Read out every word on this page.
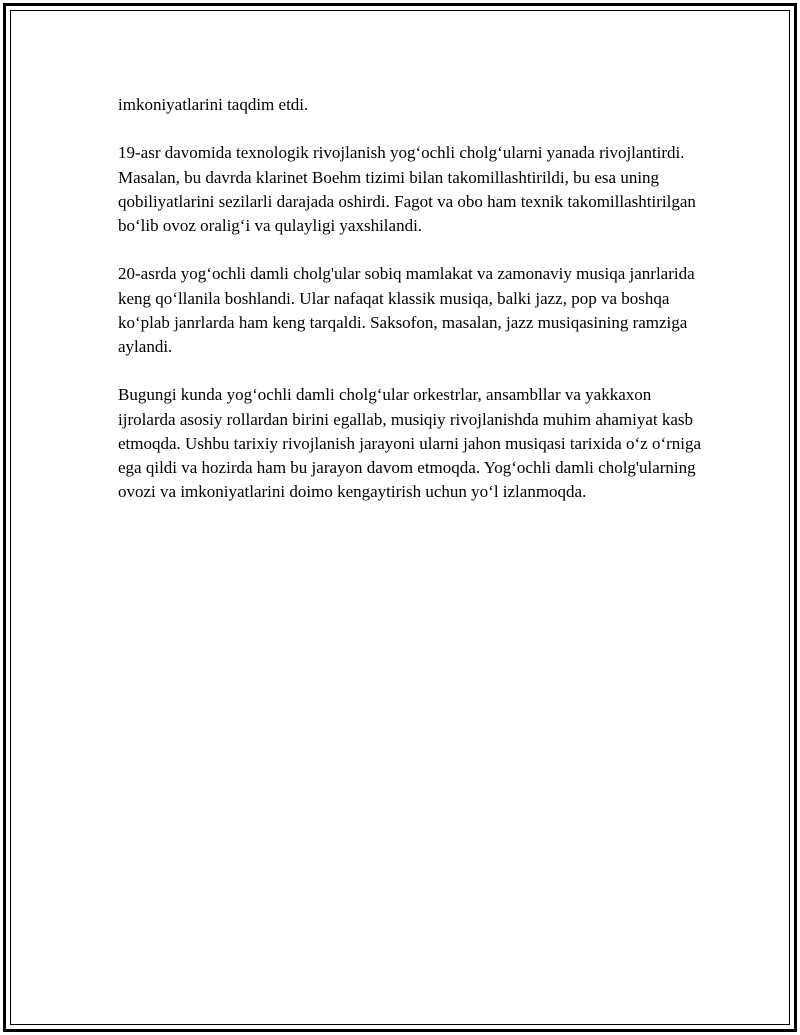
imkoniyatlarini taqdim etdi.

19-asr davomida texnologik rivojlanish yog‘ochli cholg‘ularni yanada rivojlantirdi. Masalan, bu davrda klarinet Boehm tizimi bilan takomillashtirildi, bu esa uning qobiliyatlarini sezilarli darajada oshirdi. Fagot va obo ham texnik takomillashtirilgan bo‘lib ovoz oralig‘i va qulayligi yaxshilandi.

20-asrda yog‘ochli damli cholg'ular sobiq mamlakat va zamonaviy musiqa janrlarida keng qo‘llanila boshlandi. Ular nafaqat klassik musiqa, balki jazz, pop va boshqa ko‘plab janrlarda ham keng tarqaldi. Saksofon, masalan, jazz musiqasining ramziga aylandi.

Bugungi kunda yog‘ochli damli cholg‘ular orkestrlar, ansambllar va yakkaxon ijrolarda asosiy rollardan birini egallab, musiqiy rivojlanishda muhim ahamiyat kasb etmoqda. Ushbu tarixiy rivojlanish jarayoni ularni jahon musiqasi tarixida o‘z o‘rniga ega qildi va hozirda ham bu jarayon davom etmoqda. Yog‘ochli damli cholg'ularning ovozi va imkoniyatlarini doimo kengaytirish uchun yo‘l izlanmoqda.
